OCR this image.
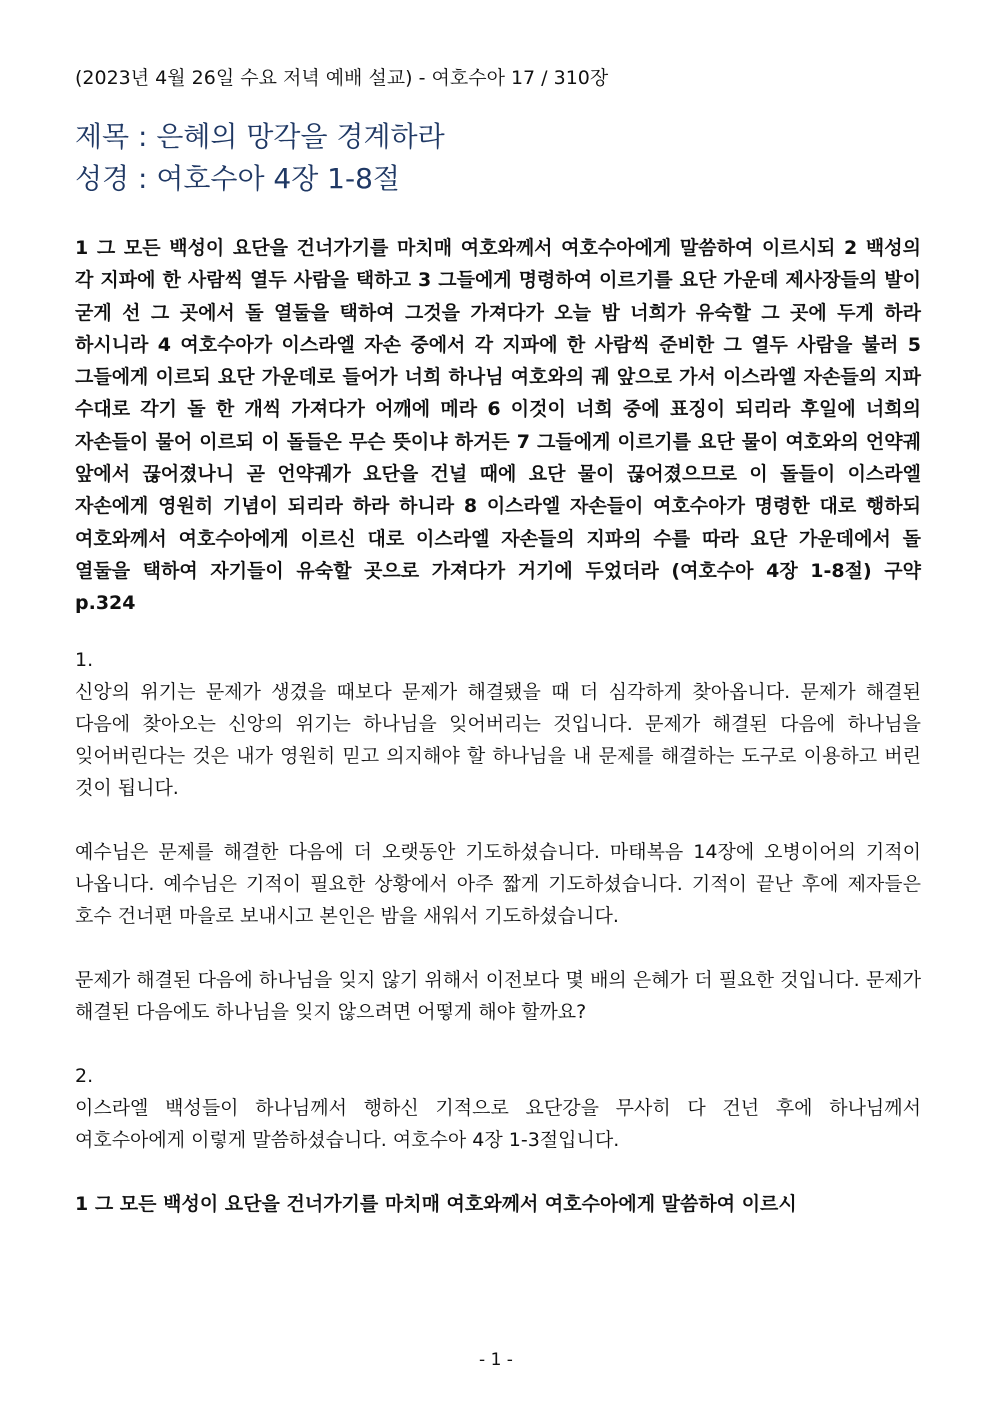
(2023년 4월 26일 수요 저녁 예배 설교) - 여호수아 17 / 310장
제목 : 은혜의 망각을 경계하라
성경 : 여호수아 4장 1-8절

1 그 모든 백성이 요단을 건너가기를 마치매 여호와께서 여호수아에게 말씀하여 이르시되 2 백성의 각 지파에 한 사람씩 열두 사람을 택하고 3 그들에게 명령하여 이르기를 요단 가운데 제사장들의 발이 굳게 선 그 곳에서 돌 열둘을 택하여 그것을 가져다가 오늘 밤 너희가 유숙할 그 곳에 두게 하라 하시니라 4 여호수아가 이스라엘 자손 중에서 각 지파에 한 사람씩 준비한 그 열두 사람을 불러 5 그들에게 이르되 요단 가운데로 들어가 너희 하나님 여호와의 궤 앞으로 가서 이스라엘 자손들의 지파 수대로 각기 돌 한 개씩 가져다가 어깨에 메라 6 이것이 너희 중에 표징이 되리라 후일에 너희의 자손들이 물어 이르되 이 돌들은 무슨 뜻이냐 하거든 7 그들에게 이르기를 요단 물이 여호와의 언약궤 앞에서 끊어졌나니 곧 언약궤가 요단을 건널 때에 요단 물이 끊어졌으므로 이 돌들이 이스라엘 자손에게 영원히 기념이 되리라 하라 하니라 8 이스라엘 자손들이 여호수아가 명령한 대로 행하되 여호와께서 여호수아에게 이르신 대로 이스라엘 자손들의 지파의 수를 따라 요단 가운데에서 돌 열둘을 택하여 자기들이 유숙할 곳으로 가져다가 거기에 두었더라 (여호수아 4장 1-8절) 구약 p.324

1.

신앙의 위기는 문제가 생겼을 때보다 문제가 해결됐을 때 더 심각하게 찾아옵니다. 문제가 해결된 다음에 찾아오는 신앙의 위기는 하나님을 잊어버리는 것입니다. 문제가 해결된 다음에 하나님을 잊어버린다는 것은 내가 영원히 믿고 의지해야 할 하나님을 내 문제를 해결하는 도구로 이용하고 버린 것이 됩니다.

예수님은 문제를 해결한 다음에 더 오랫동안 기도하셨습니다. 마태복음 14장에 오병이어의 기적이 나옵니다. 예수님은 기적이 필요한 상황에서 아주 짧게 기도하셨습니다. 기적이 끝난 후에 제자들은 호수 건너편 마을로 보내시고 본인은 밤을 새워서 기도하셨습니다.

문제가 해결된 다음에 하나님을 잊지 않기 위해서 이전보다 몇 배의 은혜가 더 필요한 것입니다. 문제가 해결된 다음에도 하나님을 잊지 않으려면 어떻게 해야 할까요?

2.

이스라엘 백성들이 하나님께서 행하신 기적으로 요단강을 무사히 다 건넌 후에 하나님께서 여호수아에게 이렇게 말씀하셨습니다. 여호수아 4장 1-3절입니다.

1 그 모든 백성이 요단을 건너가기를 마치매 여호와께서 여호수아에게 말씀하여 이르시

- 1 -
